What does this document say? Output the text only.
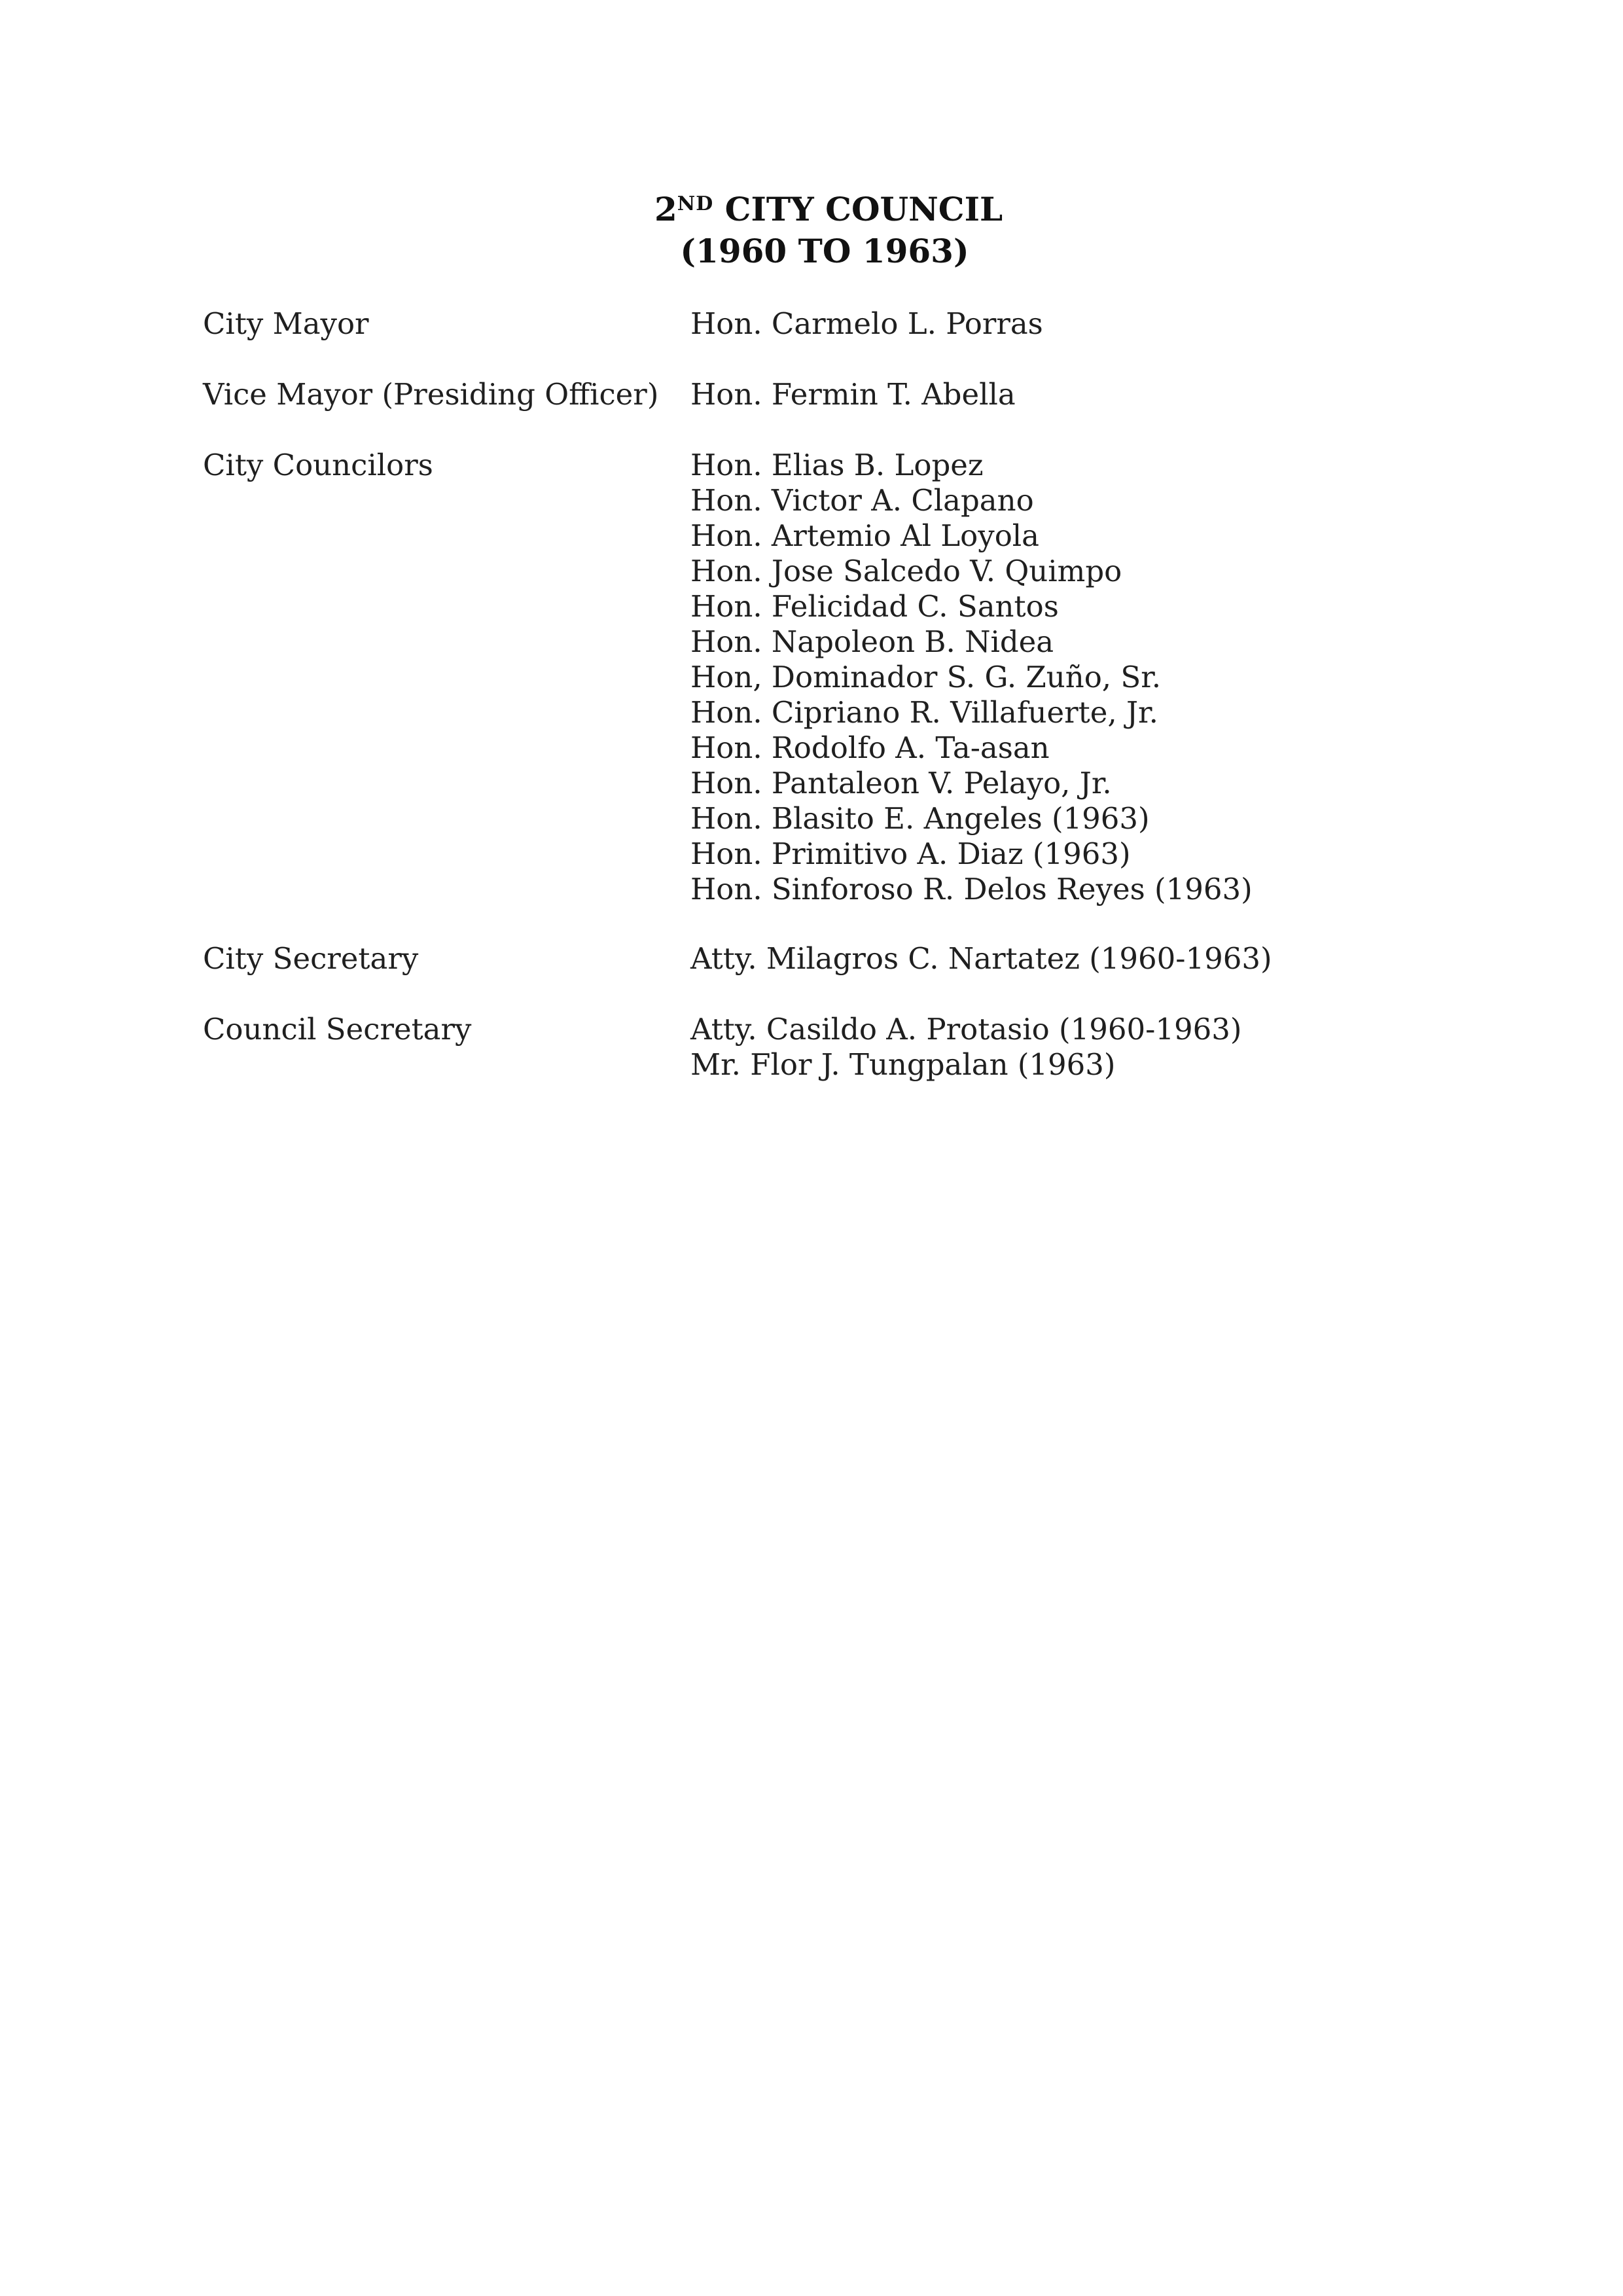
2ND CITY COUNCIL
(1960 TO 1963)
City Mayor	Hon. Carmelo L. Porras
Vice Mayor (Presiding Officer) Hon. Fermin T. Abella
City Councilors	Hon. Elias B. Lopez
Hon. Victor A. Clapano
Hon. Artemio Al Loyola
Hon. Jose Salcedo V. Quimpo
Hon. Felicidad C. Santos
Hon. Napoleon B. Nidea
Hon, Dominador S. G. Zuño, Sr.
Hon. Cipriano R. Villafuerte, Jr.
Hon. Rodolfo A. Ta-asan
Hon. Pantaleon V. Pelayo, Jr.
Hon. Blasito E. Angeles (1963)
Hon. Primitivo A. Diaz (1963)
Hon. Sinforoso R. Delos Reyes (1963)
City Secretary	Atty. Milagros C. Nartatez (1960-1963)
Council Secretary	Atty. Casildo A. Protasio (1960-1963)
Mr. Flor J. Tungpalan (1963)
